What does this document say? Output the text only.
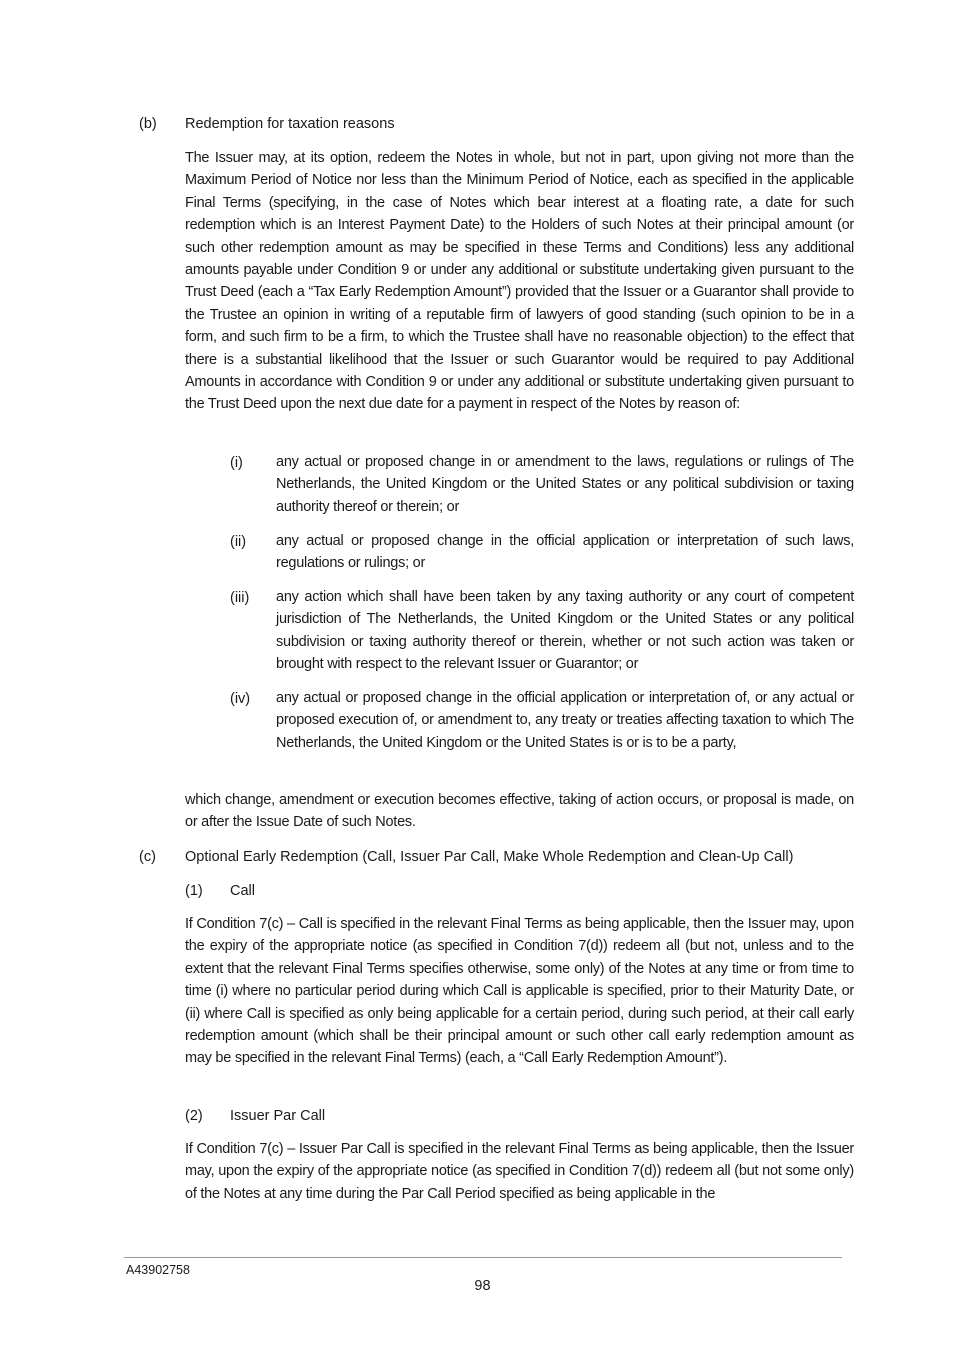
(b) Redemption for taxation reasons

The Issuer may, at its option, redeem the Notes in whole, but not in part, upon giving not more than the Maximum Period of Notice nor less than the Minimum Period of Notice, each as specified in the applicable Final Terms (specifying, in the case of Notes which bear interest at a floating rate, a date for such redemption which is an Interest Payment Date) to the Holders of such Notes at their principal amount (or such other redemption amount as may be specified in these Terms and Conditions) less any additional amounts payable under Condition 9 or under any additional or substitute undertaking given pursuant to the Trust Deed (each a “Tax Early Redemption Amount”) provided that the Issuer or a Guarantor shall provide to the Trustee an opinion in writing of a reputable firm of lawyers of good standing (such opinion to be in a form, and such firm to be a firm, to which the Trustee shall have no reasonable objection) to the effect that there is a substantial likelihood that the Issuer or such Guarantor would be required to pay Additional Amounts in accordance with Condition 9 or under any additional or substitute undertaking given pursuant to the Trust Deed upon the next due date for a payment in respect of the Notes by reason of:

(i) any actual or proposed change in or amendment to the laws, regulations or rulings of The Netherlands, the United Kingdom or the United States or any political subdivision or taxing authority thereof or therein; or

(ii) any actual or proposed change in the official application or interpretation of such laws, regulations or rulings; or

(iii) any action which shall have been taken by any taxing authority or any court of competent jurisdiction of The Netherlands, the United Kingdom or the United States or any political subdivision or taxing authority thereof or therein, whether or not such action was taken or brought with respect to the relevant Issuer or Guarantor; or

(iv) any actual or proposed change in the official application or interpretation of, or any actual or proposed execution of, or amendment to, any treaty or treaties affecting taxation to which The Netherlands, the United Kingdom or the United States is or is to be a party,

which change, amendment or execution becomes effective, taking of action occurs, or proposal is made, on or after the Issue Date of such Notes.

(c) Optional Early Redemption (Call, Issuer Par Call, Make Whole Redemption and Clean-Up Call)
(1) Call

If Condition 7(c) – Call is specified in the relevant Final Terms as being applicable, then the Issuer may, upon the expiry of the appropriate notice (as specified in Condition 7(d)) redeem all (but not, unless and to the extent that the relevant Final Terms specifies otherwise, some only) of the Notes at any time or from time to time (i) where no particular period during which Call is applicable is specified, prior to their Maturity Date, or (ii) where Call is specified as only being applicable for a certain period, during such period, at their call early redemption amount (which shall be their principal amount or such other call early redemption amount as may be specified in the relevant Final Terms) (each, a “Call Early Redemption Amount”).

(2) Issuer Par Call

If Condition 7(c) – Issuer Par Call is specified in the relevant Final Terms as being applicable, then the Issuer may, upon the expiry of the appropriate notice (as specified in Condition 7(d)) redeem all (but not some only) of the Notes at any time during the Par Call Period specified as being applicable in the

A43902758
98
